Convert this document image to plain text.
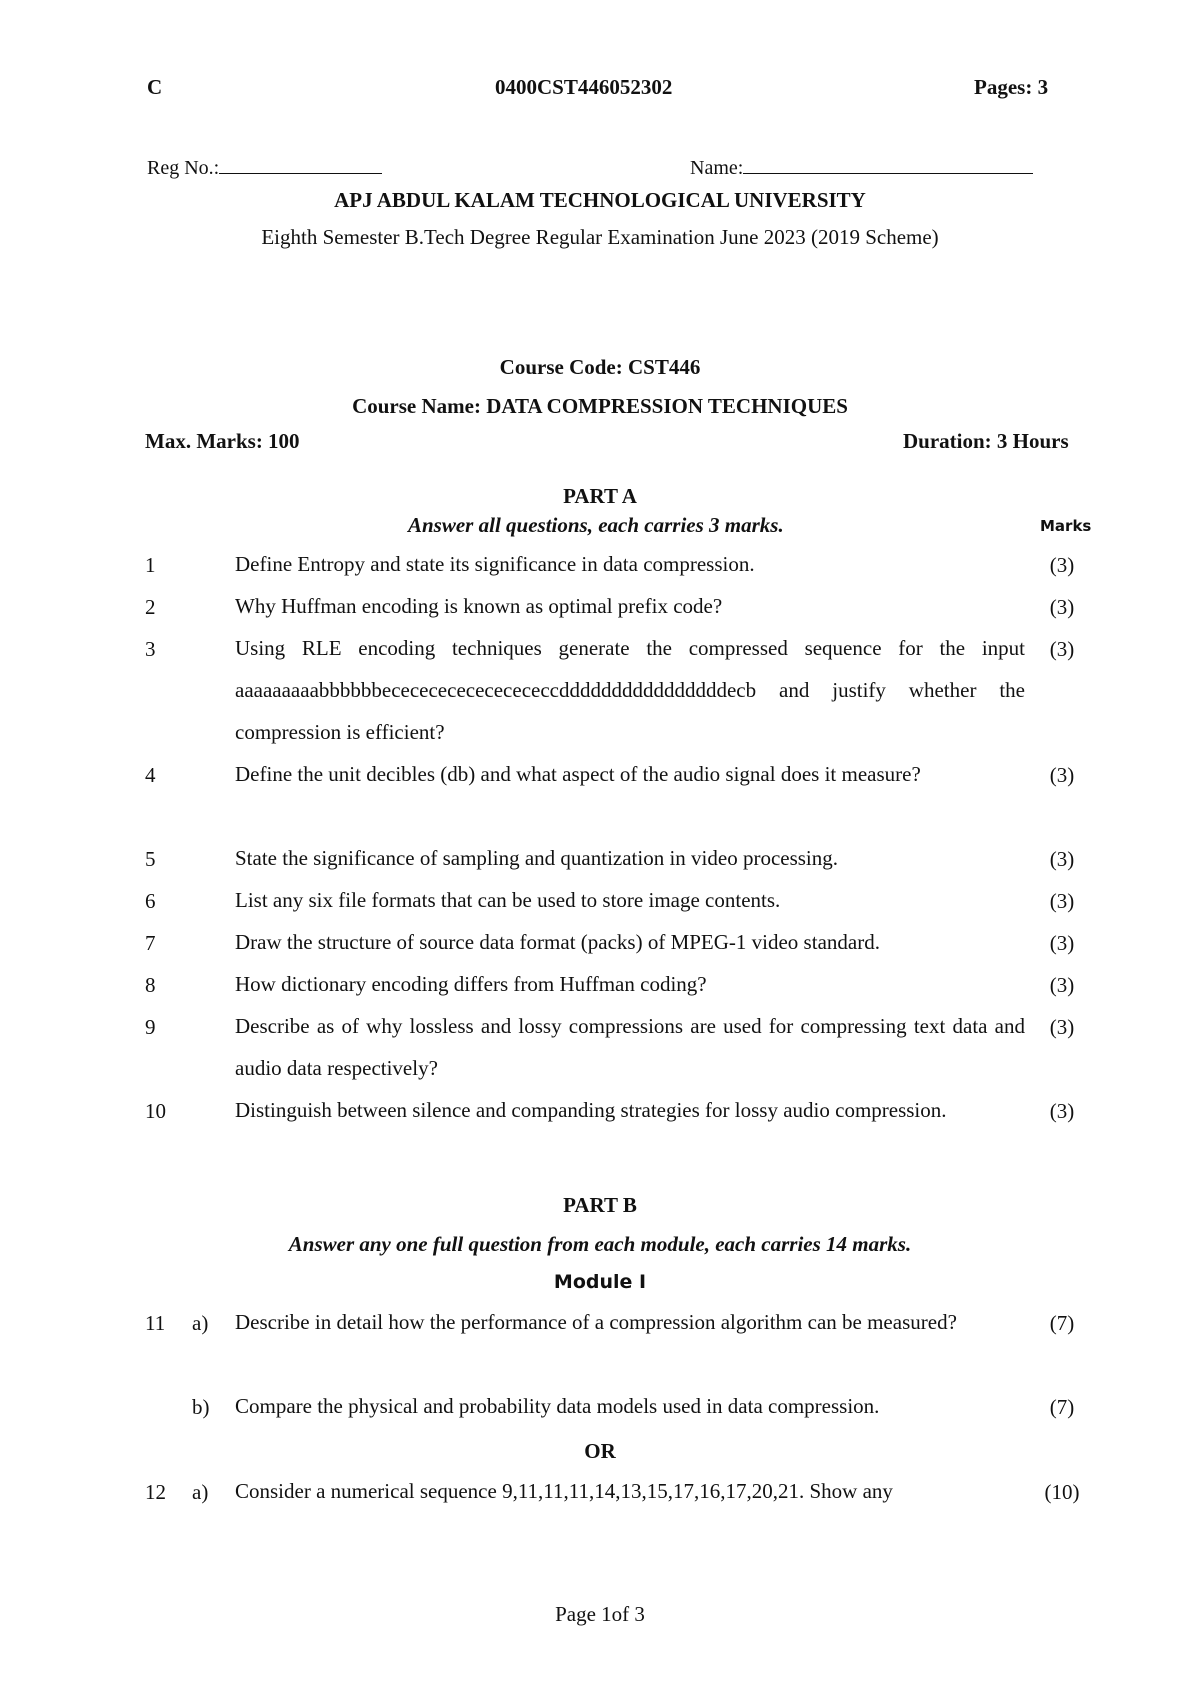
C	0400CST446052302	Pages: 3
Reg No.:	Name:
APJ ABDUL KALAM TECHNOLOGICAL UNIVERSITY
Eighth Semester B.Tech Degree Regular Examination June 2023 (2019 Scheme)
Course Code: CST446
Course Name: DATA COMPRESSION TECHNIQUES
Max. Marks: 100	Duration: 3 Hours
PART A
Answer all questions, each carries 3 marks.	Marks
1	Define Entropy and state its significance in data compression.	(3)
2	Why Huffman encoding is known as optimal prefix code?	(3)
3	Using RLE encoding techniques generate the compressed sequence for the input aaaaaaaaabbbbbbecececececececececcddddddddddddddddecb and justify whether the compression is efficient?
(3)
4	Define the unit decibles (db) and what aspect of the audio signal does it measure?	(3)
5	State the significance of sampling and quantization in video processing.	(3)
6	List any six file formats that can be used to store image contents.	(3)
7	Draw the structure of source data format (packs) of MPEG-1 video standard.	(3)
8	How dictionary encoding differs from Huffman coding?	(3)
9	Describe as of why lossless and lossy compressions are used for compressing text data and audio data respectively?
(3)
10	Distinguish between silence and companding strategies for lossy audio compression.	(3)
PART B
Answer any one full question from each module, each carries 14 marks.
Module I
11 a) Describe in detail how the performance of a compression algorithm can be measured?	(7)
b) Compare the physical and probability data models used in data compression.	(7)
12 a) Consider a numerical sequence 9,11,11,11,14,13,15,17,16,17,20,21. Show any	(10)
OR
Page 1of 3
